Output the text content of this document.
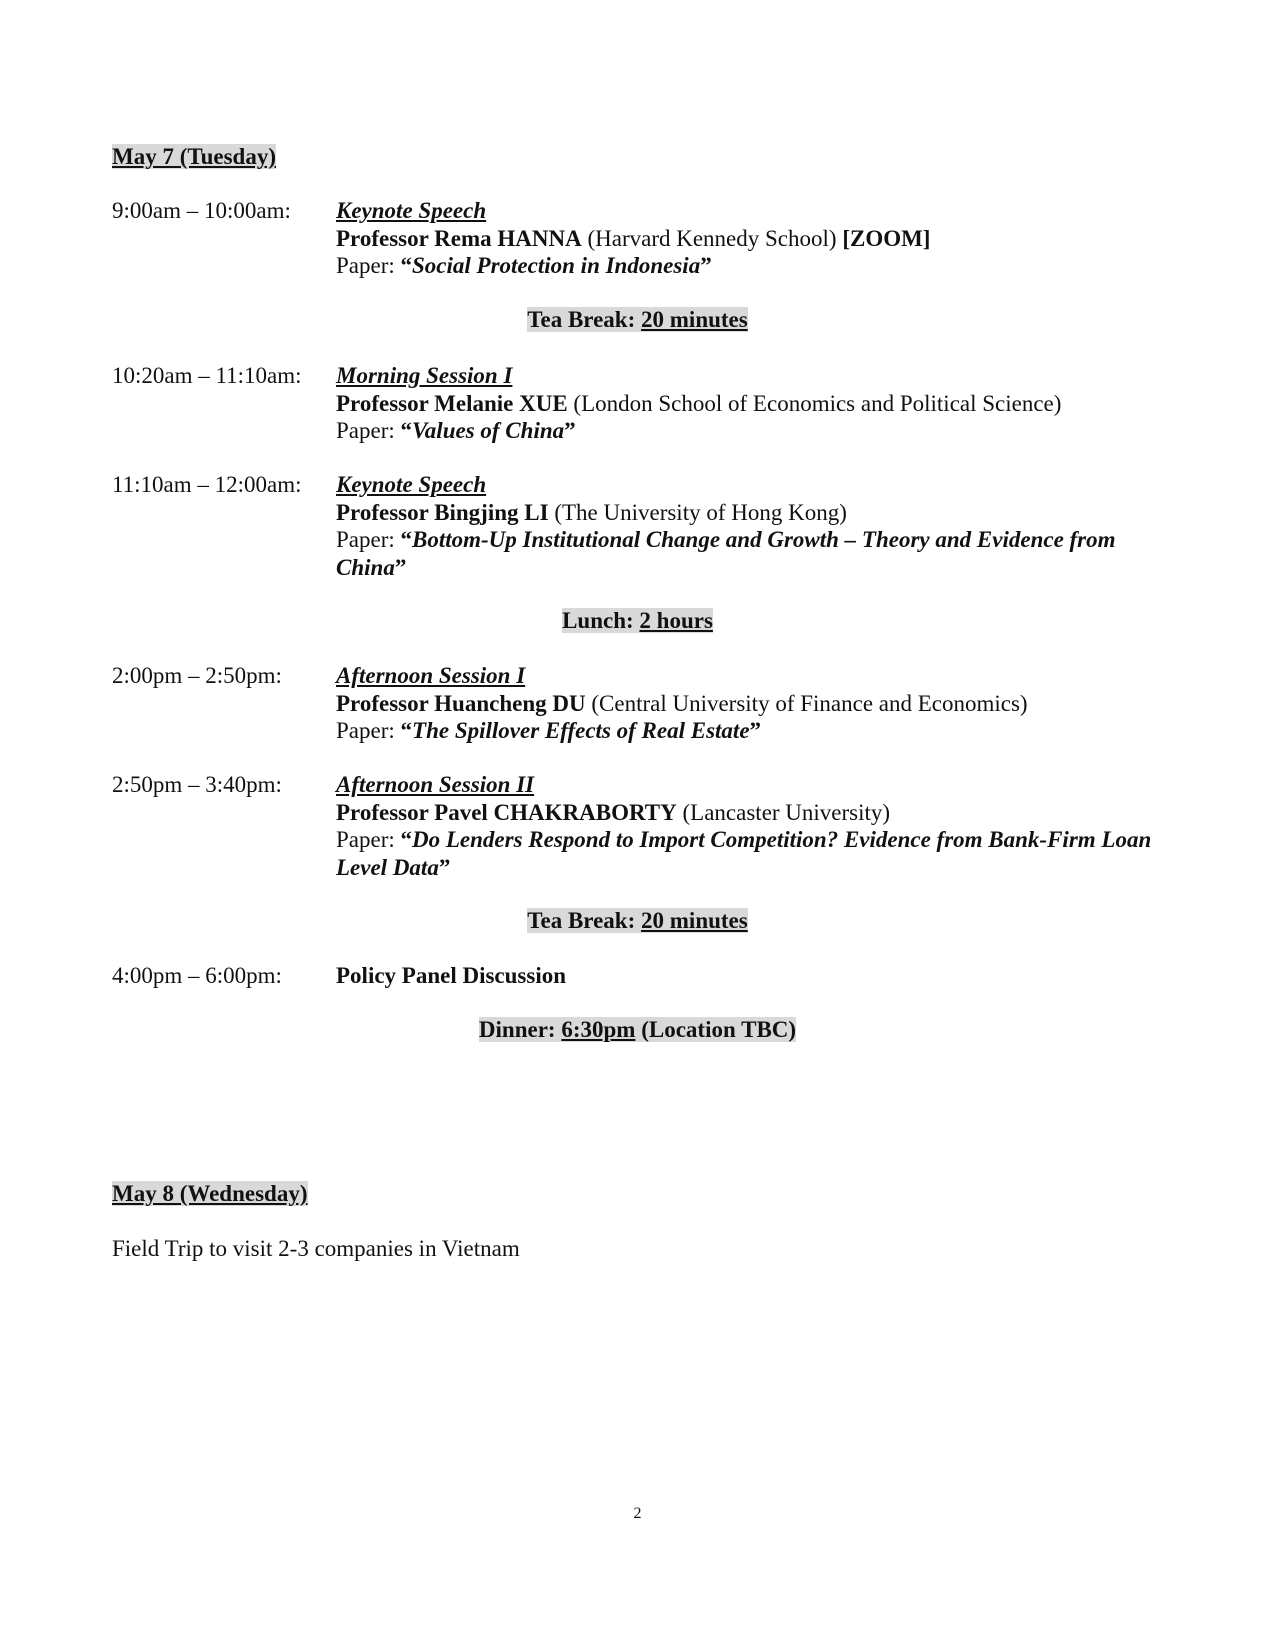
May 7 (Tuesday)
9:00am – 10:00am: Keynote Speech
Professor Rema HANNA (Harvard Kennedy School) [ZOOM]
Paper: “Social Protection in Indonesia”
Tea Break: 20 minutes
10:20am – 11:10am: Morning Session I
Professor Melanie XUE (London School of Economics and Political Science)
Paper: “Values of China”
11:10am – 12:00am: Keynote Speech
Professor Bingjing LI (The University of Hong Kong)
Paper: “Bottom-Up Institutional Change and Growth – Theory and Evidence from China”
Lunch: 2 hours
2:00pm – 2:50pm: Afternoon Session I
Professor Huancheng DU (Central University of Finance and Economics)
Paper: “The Spillover Effects of Real Estate”
2:50pm – 3:40pm: Afternoon Session II
Professor Pavel CHAKRABORTY (Lancaster University)
Paper: “Do Lenders Respond to Import Competition? Evidence from Bank-Firm Loan Level Data”
Tea Break: 20 minutes
4:00pm – 6:00pm: Policy Panel Discussion
Dinner: 6:30pm (Location TBC)
May 8 (Wednesday)
Field Trip to visit 2-3 companies in Vietnam
2
